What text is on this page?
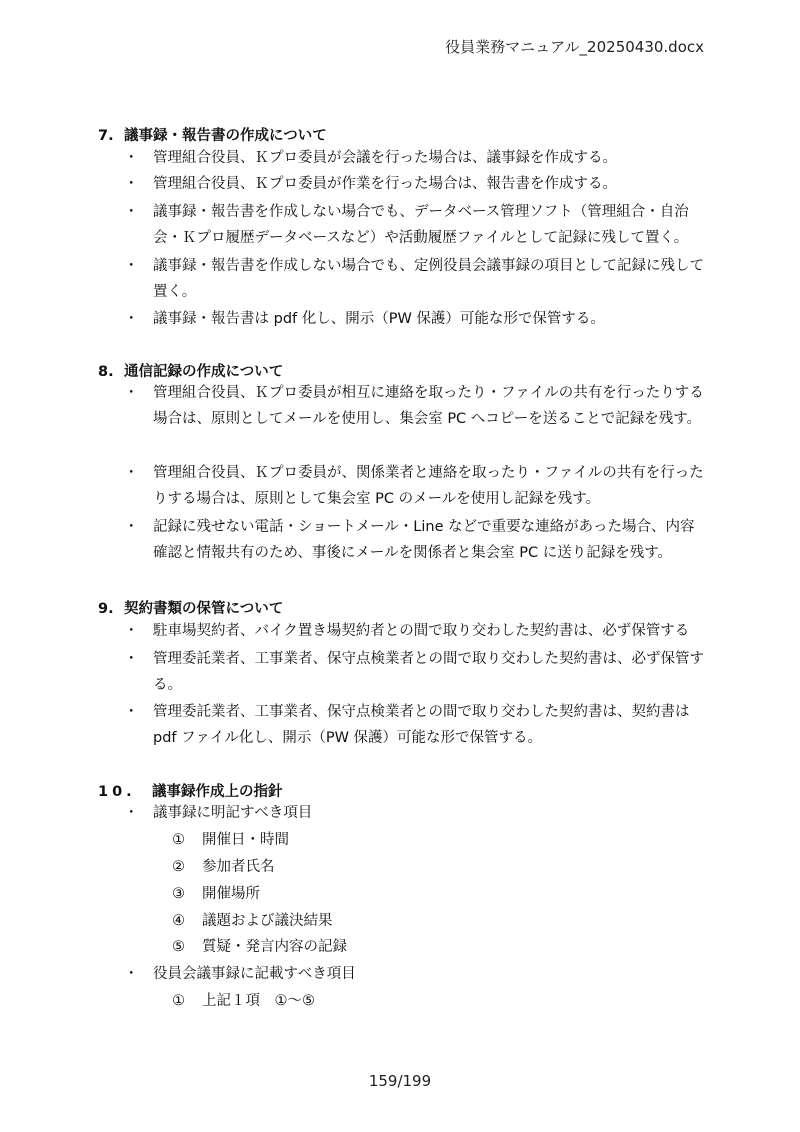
役員業務マニュアル_20250430.docx
7. 議事録・報告書の作成について
・ 管理組合役員、Ｋプロ委員が会議を行った場合は、議事録を作成する。
・ 管理組合役員、Ｋプロ委員が作業を行った場合は、報告書を作成する。
・ 議事録・報告書を作成しない場合でも、データベース管理ソフト（管理組合・自治会・Ｋプロ履歴データベースなど）や活動履歴ファイルとして記録に残して置く。
・ 議事録・報告書を作成しない場合でも、定例役員会議事録の項目として記録に残して置く。
・ 議事録・報告書は pdf 化し、開示（PW 保護）可能な形で保管する。
8. 通信記録の作成について
・ 管理組合役員、Ｋプロ委員が相互に連絡を取ったり・ファイルの共有を行ったりする場合は、原則としてメールを使用し、集会室 PC へコピーを送ることで記録を残す。
・ 管理組合役員、Ｋプロ委員が、関係業者と連絡を取ったり・ファイルの共有を行ったりする場合は、原則として集会室 PC のメールを使用し記録を残す。
・ 記録に残せない電話・ショートメール・Line などで重要な連絡があった場合、内容確認と情報共有のため、事後にメールを関係者と集会室 PC に送り記録を残す。
9. 契約書類の保管について
・ 駐車場契約者、バイク置き場契約者との間で取り交わした契約書は、必ず保管する
・ 管理委託業者、工事業者、保守点検業者との間で取り交わした契約書は、必ず保管する。
・ 管理委託業者、工事業者、保守点検業者との間で取り交わした契約書は、契約書は pdf ファイル化し、開示（PW 保護）可能な形で保管する。
10. 議事録作成上の指針
・ 議事録に明記すべき項目
① 開催日・時間
② 参加者氏名
③ 開催場所
④ 議題および議決結果
⑤ 質疑・発言内容の記録
・ 役員会議事録に記載すべき項目
① 上記１項　①〜⑤
159/199
